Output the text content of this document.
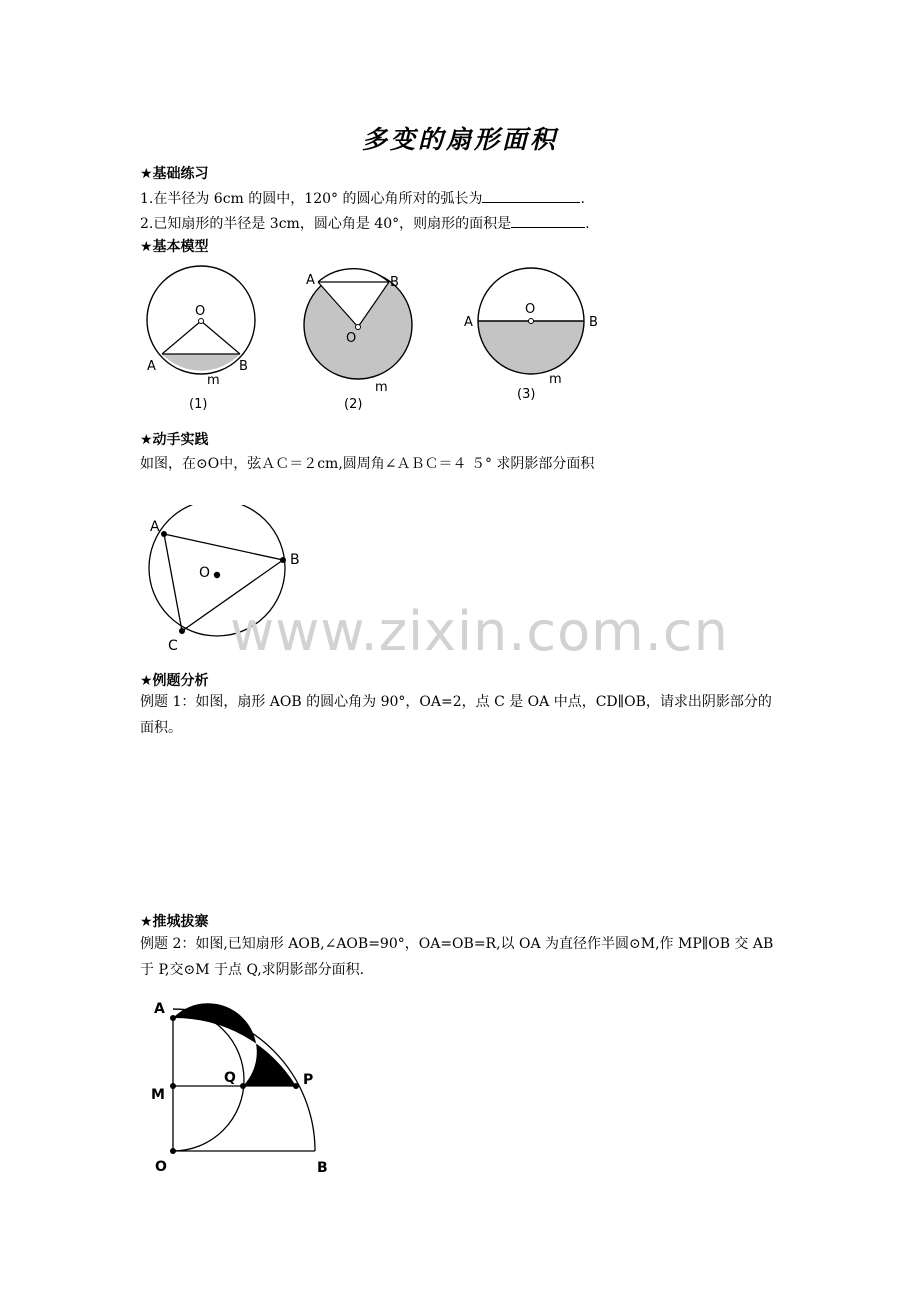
多变的扇形面积
★基础练习
1.在半径为 6cm 的圆中，120° 的圆心角所对的弧长为	.
2.已知扇形的半径是 3cm，圆心角是 40°，则扇形的面积是	.
★基本模型
O
A	B
m
(1)
A	B
O
m
(2)
O
A	B
m
(3)
★动手实践
如图，在⊙O中，弦ＡＣ＝２cm,圆周角∠ＡＢＣ＝４ ５° 求阴影部分面积
A
B
C
O
www.zixin.com.cn
★例题分析
例题 1：如图，扇形 AOB 的圆心角为 90°，OA=2，点 C 是 OA 中点，CD∥OB，请求出阴影部分的面积。
★推城拔寨
例题 2：如图,已知扇形 AOB,∠AOB=90°，OA=OB=R,以 OA 为直径作半圆⊙M,作 MP∥OB 交 AB 于 P,交⊙M 于点 Q,求阴影部分面积.
A
M
Q	P
O	B
